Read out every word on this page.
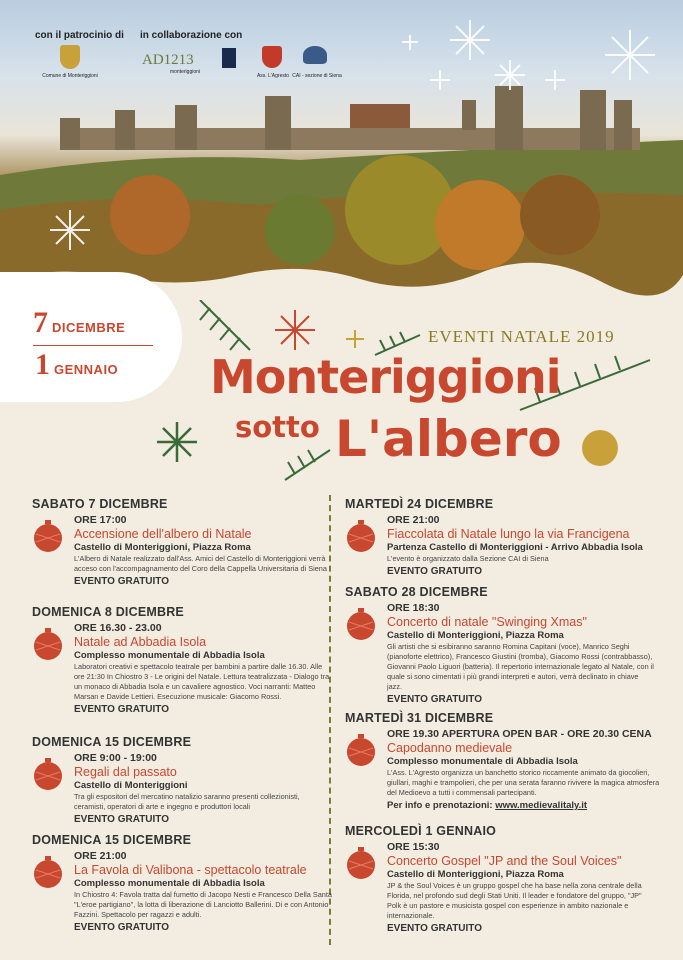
con il patrocinio di in collaborazione con
Comune di Monteriggioni
AD1213
monteriggioni
Ass. L'Agresto CAI - sezione di Siena
7 DICEMBRE
1 GENNAIO
EVENTI NATALE 2019
Monteriggioni
sotto L'albero
SABATO 7 DICEMBRE
ORE 17:00
Accensione dell'albero di Natale
Castello di Monteriggioni, Piazza Roma
L'Albero di Natale realizzato dall'Ass. Amici del Castello di Monteriggioni verrà acceso con l'accompagnamento del Coro della Cappella Universitaria di Siena
EVENTO GRATUITO
DOMENICA 8 DICEMBRE
ORE 16.30 - 23.00
Natale ad Abbadia Isola
Complesso monumentale di Abbadia Isola
Laboratori creativi e spettacolo teatrale per bambini a partire dalle 16.30. Alle ore 21:30 In Chiostro 3 - Le origini del Natale. Lettura teatralizzata - Dialogo tra un monaco di Abbadia Isola e un cavaliere agnostico. Voci narranti: Matteo Marsan e Davide Lettieri. Esecuzione musicale: Giacomo Rossi.
EVENTO GRATUITO
DOMENICA 15 DICEMBRE
ORE 9:00 - 19:00
Regali dal passato
Castello di Monteriggioni
Tra gli espositori del mercatino natalizio saranno presenti collezionisti, ceramisti, operatori di arte e ingegno e produttori locali
EVENTO GRATUITO
DOMENICA 15 DICEMBRE
ORE 21:00
La Favola di Valibona - spettacolo teatrale
Complesso monumentale di Abbadia Isola
In Chiostro 4: Favola tratta dal fumetto di Jacopo Nesti e Francesco Della Santa "L'eroe partigiano", la lotta di liberazione di Lanciotto Ballerini. Di e con Antonio Fazzini. Spettacolo per ragazzi e adulti.
EVENTO GRATUITO
MARTEDÌ 24 DICEMBRE
ORE 21:00
Fiaccolata di Natale lungo la via Francigena
Partenza Castello di Monteriggioni - Arrivo Abbadia Isola
L'evento è organizzato dalla Sezione CAI di Siena
EVENTO GRATUITO
SABATO 28 DICEMBRE
ORE 18:30
Concerto di natale "Swinging Xmas"
Castello di Monteriggioni, Piazza Roma
Gli artisti che si esibiranno saranno Romina Capitani (voce), Manrico Seghi (pianoforte elettrico), Francesco Giustini (tromba), Giacomo Rossi (contrabbasso), Giovanni Paolo Liguori (batteria). Il repertorio internazionale legato al Natale, con il quale si sono cimentati i più grandi interpreti e autori, verrà declinato in chiave jazz.
EVENTO GRATUITO
MARTEDÌ 31 DICEMBRE
ORE 19.30 APERTURA OPEN BAR - ORE 20.30 CENA
Capodanno medievale
Complesso monumentale di Abbadia Isola
L'Ass. L'Agresto organizza un banchetto storico riccamente animato da giocolieri, giullari, maghi e trampolieri, che per una serata faranno rivivere la magica atmosfera del Medioevo a tutti i commensali partecipanti.
Per info e prenotazioni: www.medievalitaly.it
MERCOLEDÌ 1 GENNAIO
ORE 15:30
Concerto Gospel "JP and the Soul Voices"
Castello di Monteriggioni, Piazza Roma
JP & the Soul Voices è un gruppo gospel che ha base nella zona centrale della Florida, nel profondo sud degli Stati Uniti. Il leader e fondatore del gruppo, "JP" Polk è un pastore e musicista gospel con esperienze in ambito nazionale e internazionale.
EVENTO GRATUITO
